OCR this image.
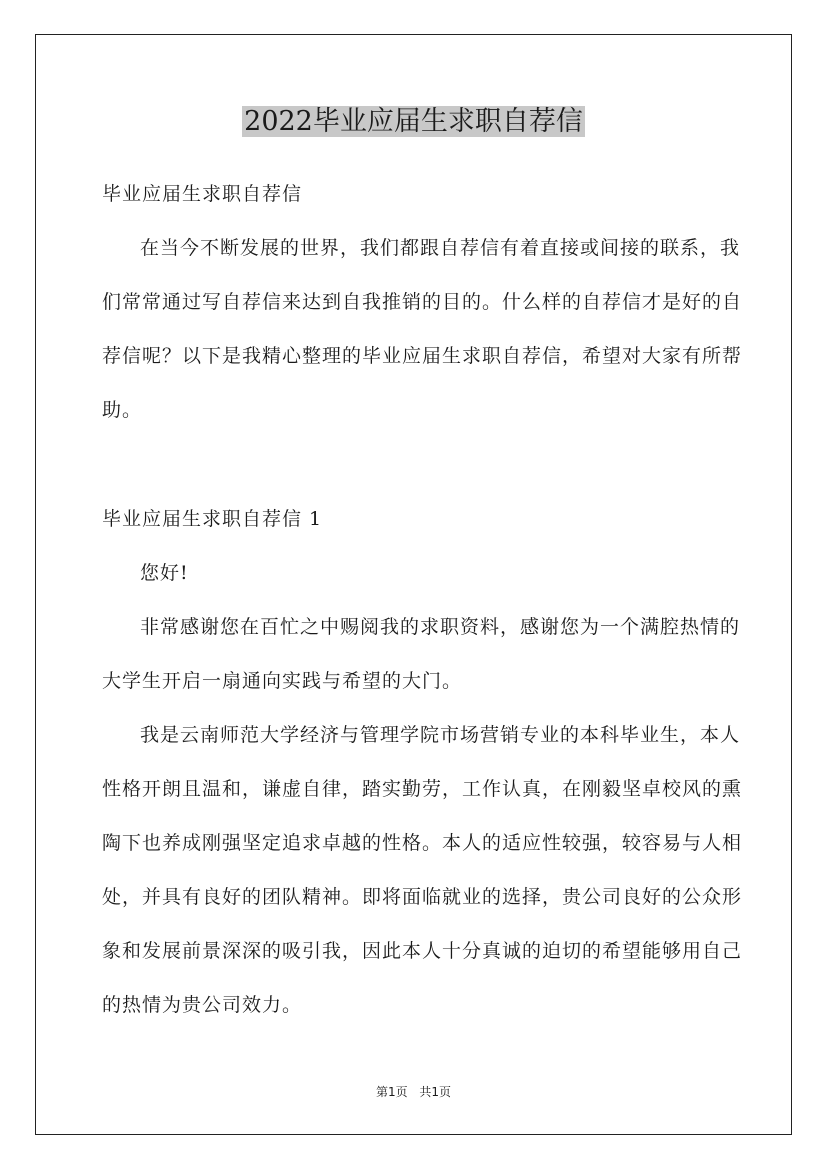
2022毕业应届生求职自荐信

毕业应届生求职自荐信

在当今不断发展的世界，我们都跟自荐信有着直接或间接的联系，我们常常通过写自荐信来达到自我推销的目的。什么样的自荐信才是好的自荐信呢？以下是我精心整理的毕业应届生求职自荐信，希望对大家有所帮助。

毕业应届生求职自荐信 1

您好!

非常感谢您在百忙之中赐阅我的求职资料，感谢您为一个满腔热情的大学生开启一扇通向实践与希望的大门。

我是云南师范大学经济与管理学院市场营销专业的本科毕业生，本人性格开朗且温和，谦虚自律，踏实勤劳，工作认真，在刚毅坚卓校风的熏陶下也养成刚强坚定追求卓越的性格。本人的适应性较强，较容易与人相处，并具有良好的团队精神。即将面临就业的选择，贵公司良好的公众形象和发展前景深深的吸引我，因此本人十分真诚的迫切的希望能够用自己的热情为贵公司效力。

第1页 共1页
